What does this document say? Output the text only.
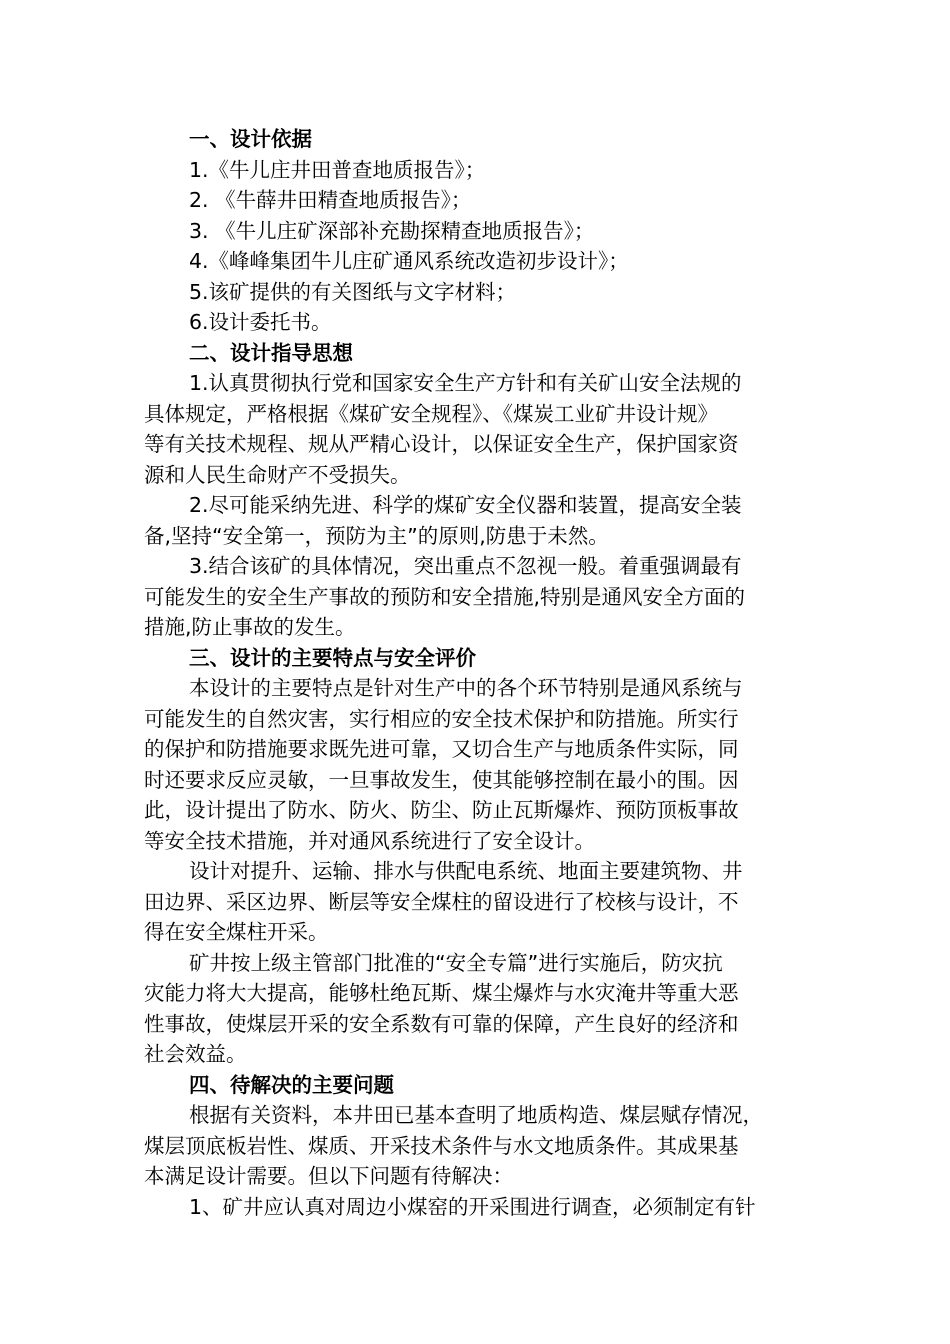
一、设计依据
1.《牛儿庄井田普查地质报告》；
2. 《牛薛井田精查地质报告》；
3. 《牛儿庄矿深部补充勘探精查地质报告》；
4.《峰峰集团牛儿庄矿通风系统改造初步设计》；
5.该矿提供的有关图纸与文字材料；
6.设计委托书。
二、设计指导思想
1.认真贯彻执行党和国家安全生产方针和有关矿山安全法规的
具体规定，严格根据《煤矿安全规程》、《煤炭工业矿井设计规》
等有关技术规程、规从严精心设计，以保证安全生产，保护国家资
源和人民生命财产不受损失。
2.尽可能采纳先进、科学的煤矿安全仪器和装置，提高安全装
备,坚持“安全第一，预防为主”的原则,防患于未然。
3.结合该矿的具体情况，突出重点不忽视一般。着重强调最有
可能发生的安全生产事故的预防和安全措施,特别是通风安全方面的
措施,防止事故的发生。
三、设计的主要特点与安全评价
本设计的主要特点是针对生产中的各个环节特别是通风系统与
可能发生的自然灾害，实行相应的安全技术保护和防措施。所实行
的保护和防措施要求既先进可靠，又切合生产与地质条件实际，同
时还要求反应灵敏，一旦事故发生，使其能够控制在最小的围。因
此，设计提出了防水、防火、防尘、防止瓦斯爆炸、预防顶板事故
等安全技术措施，并对通风系统进行了安全设计。
设计对提升、运输、排水与供配电系统、地面主要建筑物、井
田边界、采区边界、断层等安全煤柱的留设进行了校核与设计，不
得在安全煤柱开采。
矿井按上级主管部门批准的“安全专篇”进行实施后，防灾抗
灾能力将大大提高，能够杜绝瓦斯、煤尘爆炸与水灾淹井等重大恶
性事故，使煤层开采的安全系数有可靠的保障，产生良好的经济和
社会效益。
四、待解决的主要问题
根据有关资料，本井田已基本查明了地质构造、煤层赋存情况，
煤层顶底板岩性、煤质、开采技术条件与水文地质条件。其成果基
本满足设计需要。但以下问题有待解决：
1、矿井应认真对周边小煤窑的开采围进行调查，必须制定有针
